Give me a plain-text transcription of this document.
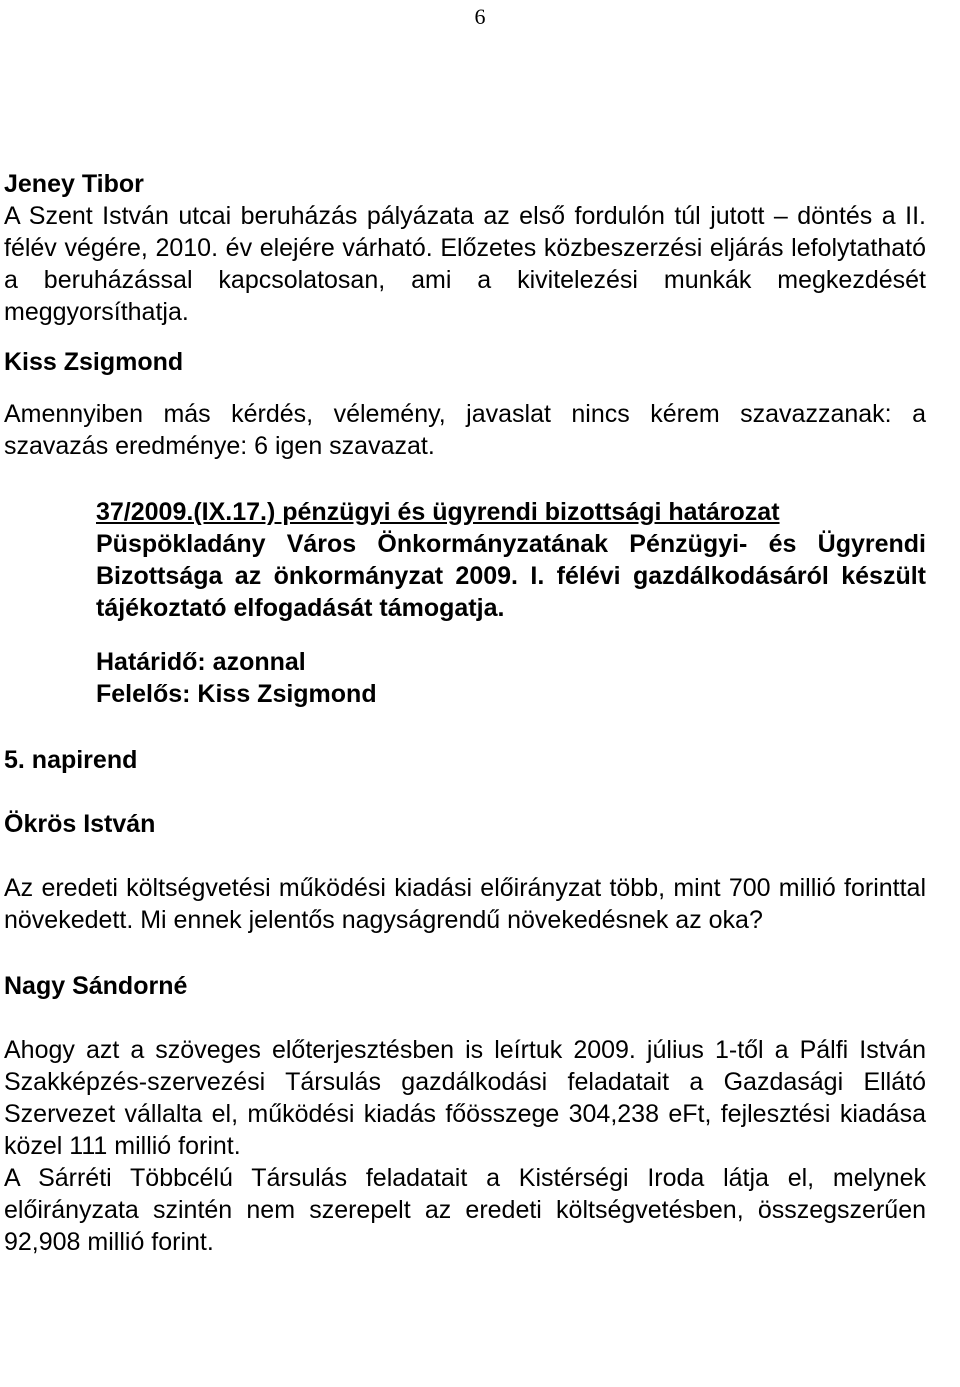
6

Jeney Tibor

A Szent István utcai beruházás pályázata az első fordulón túl jutott – döntés a II. félév végére, 2010. év elejére várható. Előzetes közbeszerzési eljárás lefolytatható a beruházással kapcsolatosan, ami a kivitelezési munkák megkezdését meggyorsíthatja.

Kiss Zsigmond

Amennyiben más kérdés, vélemény, javaslat nincs kérem szavazzanak: a szavazás eredménye: 6 igen szavazat.

37/2009.(IX.17.) pénzügyi és ügyrendi bizottsági határozat

Püspökladány Város Önkormányzatának Pénzügyi- és Ügyrendi Bizottsága az önkormányzat 2009. I. félévi gazdálkodásáról készült tájékoztató elfogadását támogatja.

Határidő: azonnal

Felelős: Kiss Zsigmond

5. napirend

Ökrös István

Az eredeti költségvetési működési kiadási előirányzat több, mint 700 millió forinttal növekedett. Mi ennek jelentős nagyságrendű növekedésnek az oka?

Nagy Sándorné

Ahogy azt a szöveges előterjesztésben is leírtuk 2009. július 1-től a Pálfi István Szakképzés-szervezési Társulás gazdálkodási feladatait a Gazdasági Ellátó Szervezet vállalta el, működési kiadás főösszege 304,238 eFt, fejlesztési kiadása közel 111 millió forint.

A Sárréti Többcélú Társulás feladatait a Kistérségi Iroda látja el, melynek előirányzata szintén nem szerepelt az eredeti költségvetésben, összegszerűen 92,908 millió forint.
